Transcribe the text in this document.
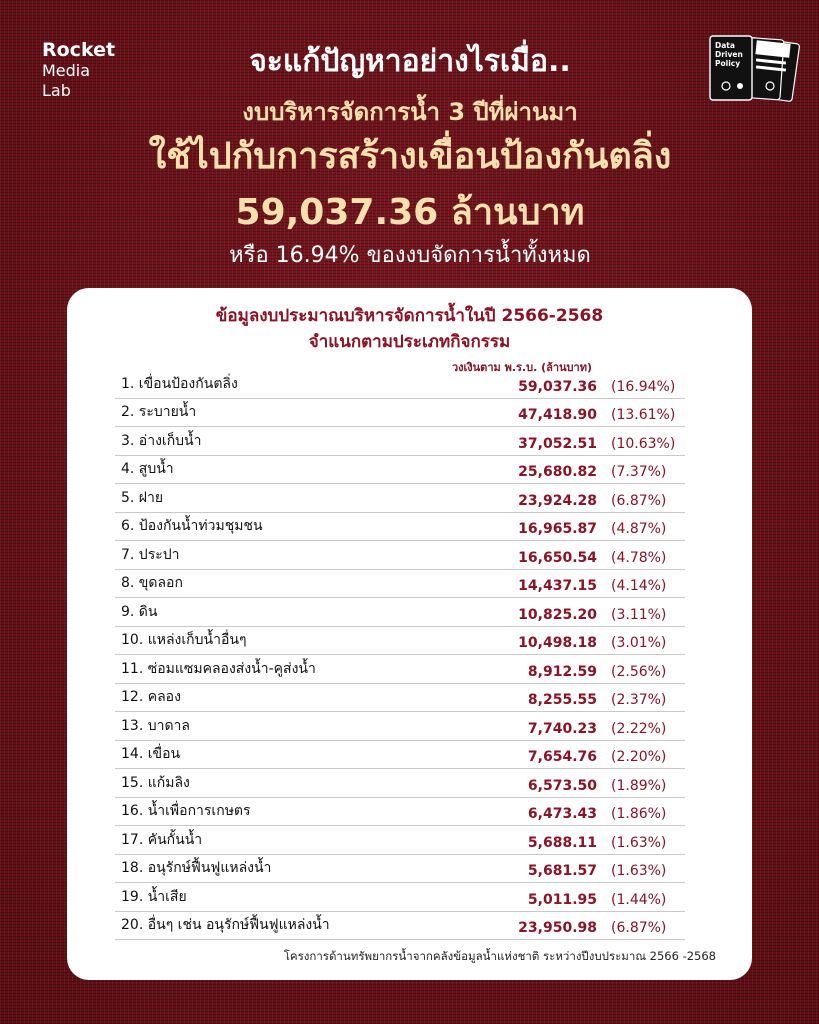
Rocket
Media
Lab
Data
Driven
Policy
จะแก้ปัญหาอย่างไรเมื่อ..
งบบริหารจัดการน้ำ 3 ปีที่ผ่านมา
ใช้ไปกับการสร้างเขื่อนป้องกันตลิ่ง
59,037.36 ล้านบาท
หรือ 16.94% ของงบจัดการน้ำทั้งหมด
ข้อมูลงบประมาณบริหารจัดการน้ำในปี 2566-2568
จำแนกตามประเภทกิจกรรม
วงเงินตาม พ.ร.บ. (ล้านบาท)
1. เขื่อนป้องกันตลิ่ง	59,037.36 (16.94%)
2. ระบายน้ำ	47,418.90 (13.61%)
3. อ่างเก็บน้ำ	37,052.51 (10.63%)
4. สูบน้ำ	25,680.82 (7.37%)
5. ฝาย	23,924.28 (6.87%)
6. ป้องกันน้ำท่วมชุมชน	16,965.87 (4.87%)
7. ประปา	16,650.54 (4.78%)
8. ขุดลอก	14,437.15 (4.14%)
9. ดิน	10,825.20 (3.11%)
10. แหล่งเก็บน้ำอื่นๆ	10,498.18 (3.01%)
11. ซ่อมแซมคลองส่งน้ำ-คูส่งน้ำ	8,912.59 (2.56%)
12. คลอง	8,255.55 (2.37%)
13. บาดาล	7,740.23 (2.22%)
14. เขื่อน	7,654.76 (2.20%)
15. แก้มลิง	6,573.50 (1.89%)
16. น้ำเพื่อการเกษตร	6,473.43 (1.86%)
17. คันกั้นน้ำ	5,688.11 (1.63%)
18. อนุรักษ์ฟื้นฟูแหล่งน้ำ	5,681.57 (1.63%)
19. น้ำเสีย	5,011.95 (1.44%)
20. อื่นๆ เช่น อนุรักษ์ฟื้นฟูแหล่งน้ำ	23,950.98 (6.87%)
โครงการด้านทรัพยากรน้ำจากคลังข้อมูลน้ำแห่งชาติ ระหว่างปีงบประมาณ 2566 -2568
